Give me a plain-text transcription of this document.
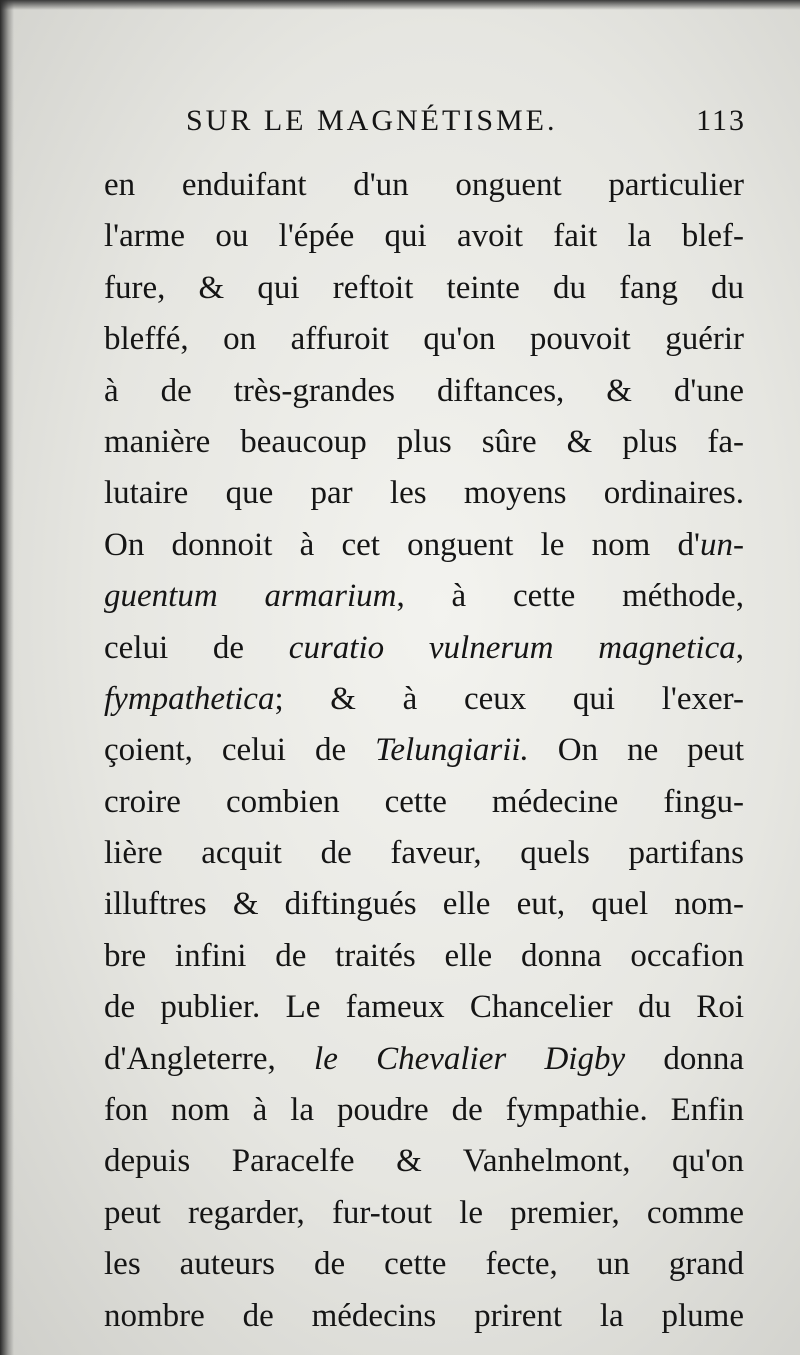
SUR LE MAGNÉTISME.	113
en enduifant d'un onguent particulier
l'arme ou l'épée qui avoit fait la blef-
fure, & qui reftoit teinte du fang du
bleffé, on affuroit qu'on pouvoit guérir
à de très-grandes diftances, & d'une
manière beaucoup plus sûre & plus fa-
lutaire que par les moyens ordinaires.
On donnoit à cet onguent le nom d'un-
guentum armarium, à cette méthode,
celui de curatio vulnerum magnetica,
fympathetica; & à ceux qui l'exer-
çoient, celui de Telungiarii. On ne peut
croire combien cette médecine fingu-
lière acquit de faveur, quels partifans
illuftres & diftingués elle eut, quel nom-
bre infini de traités elle donna occafion
de publier. Le fameux Chancelier du Roi
d'Angleterre, le Chevalier Digby donna
fon nom à la poudre de fympathie. Enfin
depuis Paracelfe & Vanhelmont, qu'on
peut regarder, fur-tout le premier, comme
les auteurs de cette fecte, un grand
nombre de médecins prirent la plume
